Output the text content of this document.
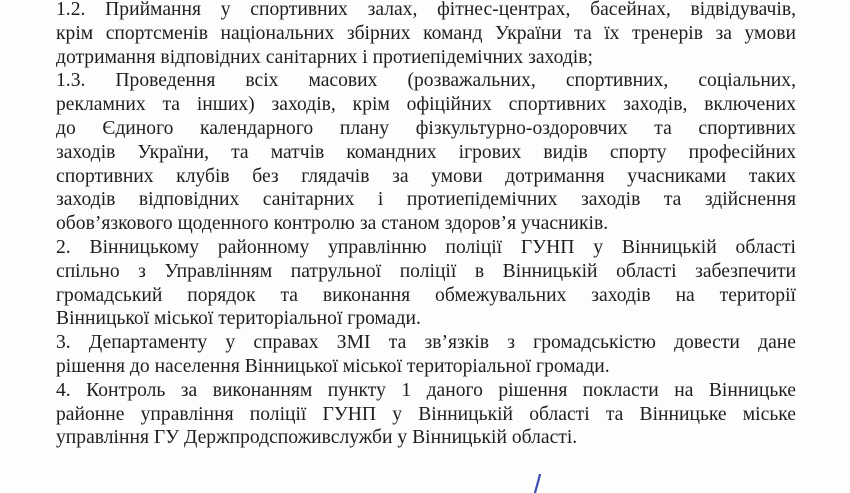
1.2. Приймання у спортивних залах, фітнес-центрах, басейнах, відвідувачів,
крім спортсменів національних збірних команд України та їх тренерів за умови
дотримання відповідних санітарних і протиепідемічних заходів;

1.3. Проведення всіх масових (розважальних, спортивних, соціальних,
рекламних та інших) заходів, крім офіційних спортивних заходів, включених
до Єдиного календарного плану фізкультурно-оздоровчих та спортивних
заходів України, та матчів командних ігрових видів спорту професійних
спортивних клубів без глядачів за умови дотримання учасниками таких
заходів відповідних санітарних і протиепідемічних заходів та здійснення
обов’язкового щоденного контролю за станом здоров’я учасників.

2. Вінницькому районному управлінню поліції ГУНП у Вінницькій області
спільно з Управлінням патрульної поліції в Вінницькій області забезпечити
громадський порядок та виконання обмежувальних заходів на території
Вінницької міської територіальної громади.

3. Департаменту у справах ЗМІ та зв’язків з громадськістю довести дане
рішення до населення Вінницької міської територіальної громади.

4. Контроль за виконанням пункту 1 даного рішення покласти на Вінницьке
районне управління поліції ГУНП у Вінницькій області та Вінницьке міське
управління ГУ Держпродспоживслужби у Вінницькій області.
